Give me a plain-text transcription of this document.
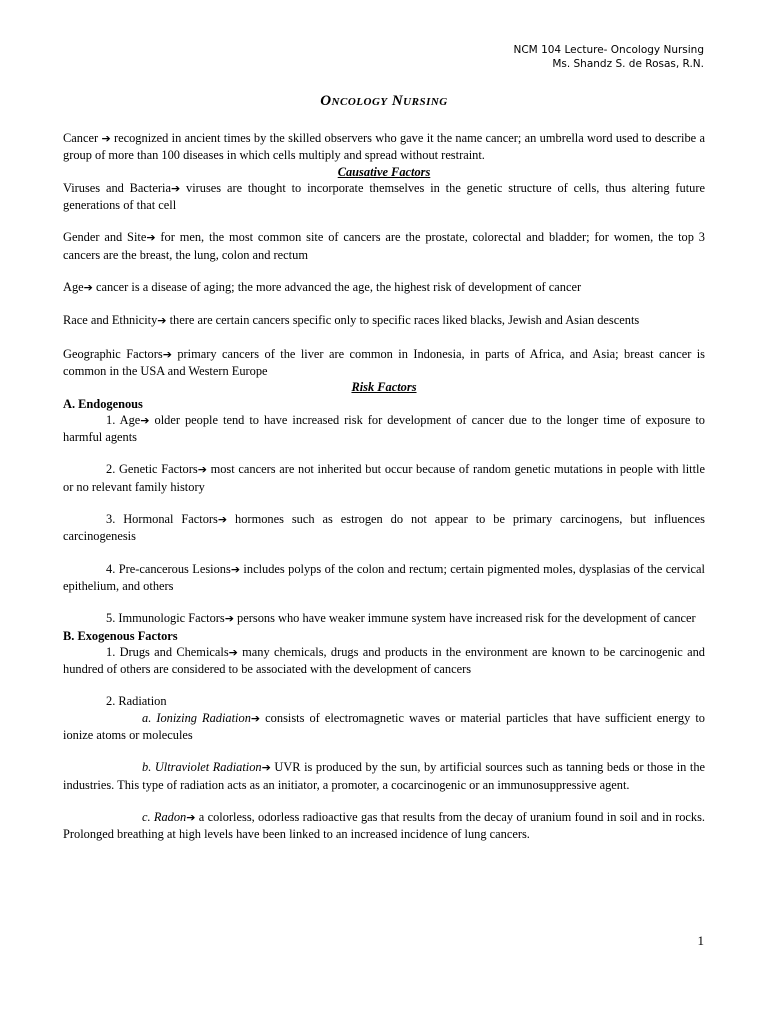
NCM 104 Lecture- Oncology Nursing
Ms. Shandz S. de Rosas, R.N.
Oncology Nursing

Cancer ➔ recognized in ancient times by the skilled observers who gave it the name cancer; an umbrella word used to describe a group of more than 100 diseases in which cells multiply and spread without restraint.

Causative Factors

Viruses and Bacteria➔ viruses are thought to incorporate themselves in the genetic structure of cells, thus altering future generations of that cell

Gender and Site➔ for men, the most common site of cancers are the prostate, colorectal and bladder; for women, the top 3 cancers are the breast, the lung, colon and rectum

Age➔ cancer is a disease of aging; the more advanced the age, the highest risk of development of cancer

Race and Ethnicity➔ there are certain cancers specific only to specific races liked blacks, Jewish and Asian descents

Geographic Factors➔ primary cancers of the liver are common in Indonesia, in parts of Africa, and Asia; breast cancer is common in the USA and Western Europe

Risk Factors

A. Endogenous

1. Age➔ older people tend to have increased risk for development of cancer due to the longer time of exposure to harmful agents

2. Genetic Factors➔ most cancers are not inherited but occur because of random genetic mutations in people with little or no relevant family history

3. Hormonal Factors➔ hormones such as estrogen do not appear to be primary carcinogens, but influences carcinogenesis

4. Pre-cancerous Lesions➔ includes polyps of the colon and rectum; certain pigmented moles, dysplasias of the cervical epithelium, and others

5. Immunologic Factors➔ persons who have weaker immune system have increased risk for the development of cancer

B. Exogenous Factors

1. Drugs and Chemicals➔ many chemicals, drugs and products in the environment are known to be carcinogenic and hundred of others are considered to be associated with the development of cancers

2. Radiation

a. Ionizing Radiation➔ consists of electromagnetic waves or material particles that have sufficient energy to ionize atoms or molecules

b. Ultraviolet Radiation➔ UVR is produced by the sun, by artificial sources such as tanning beds or those in the industries. This type of radiation acts as an initiator, a promoter, a cocarcinogenic or an immunosuppressive agent.

c. Radon➔ a colorless, odorless radioactive gas that results from the decay of uranium found in soil and in rocks. Prolonged breathing at high levels have been linked to an increased incidence of lung cancers.

1
